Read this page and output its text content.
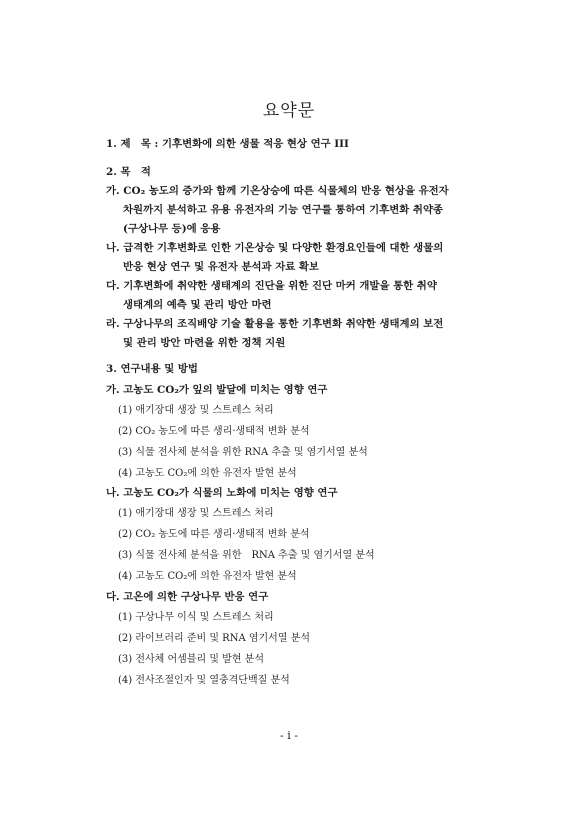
요약문
1. 제　목 : 기후변화에 의한 생물 적응 현상 연구 III
2. 목　적
가. CO₂ 농도의 증가와 함께 기온상승에 따른 식물체의 반응 현상을 유전자
차원까지 분석하고 유용 유전자의 기능 연구를 통하여 기후변화 취약종
(구상나무 등)에 응용
나. 급격한 기후변화로 인한 기온상승 및 다양한 환경요인들에 대한 생물의
반응 현상 연구 및 유전자 분석과 자료 확보
다. 기후변화에 취약한 생태계의 진단을 위한 진단 마커 개발을 통한 취약
생태계의 예측 및 관리 방안 마련
라. 구상나무의 조직배양 기술 활용을 통한 기후변화 취약한 생태계의 보전
및 관리 방안 마련을 위한 정책 지원
3. 연구내용 및 방법
가. 고농도 CO₂가 잎의 발달에 미치는 영향 연구
(1) 애기장대 생장 및 스트레스 처리
(2) CO₂ 농도에 따른 생리·생태적 변화 분석
(3) 식물 전사체 분석을 위한 RNA 추출 및 염기서열 분석
(4) 고농도 CO₂에 의한 유전자 발현 분석
나. 고농도 CO₂가 식물의 노화에 미치는 영향 연구
(1) 애기장대 생장 및 스트레스 처리
(2) CO₂ 농도에 따른 생리·생태적 변화 분석
(3) 식물 전사체 분석을 위한　RNA 추출 및 염기서열 분석
(4) 고농도 CO₂에 의한 유전자 발현 분석
다. 고온에 의한 구상나무 반응 연구
(1) 구상나무 이식 및 스트레스 처리
(2) 라이브러리 준비 및 RNA 염기서열 분석
(3) 전사체 어셈블리 및 발현 분석
(4) 전사조절인자 및 열충격단백질 분석
- i -
